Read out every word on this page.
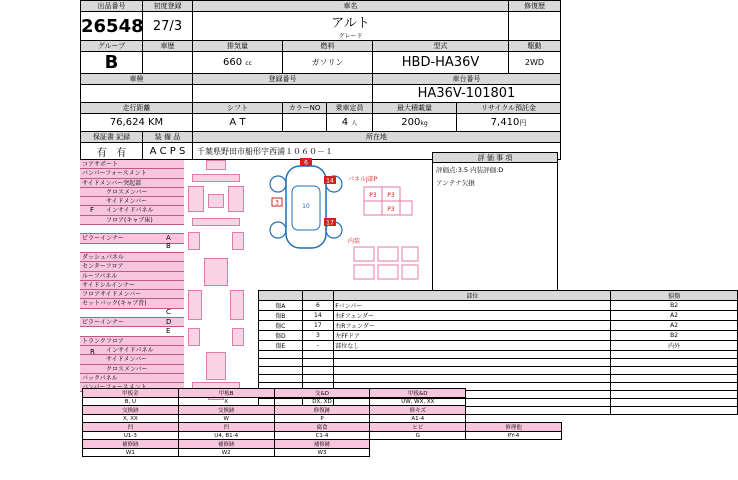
出品番号	初度登録	車名					修復歴
26548	27/3	アルト
グレード					

グループ	車歴	排気量	燃料		型式		駆動
B		660 cc	ガソリン		HBD-HA36V		2WD
車検		登録番号			車台番号		
					HA36V-101801		
走行距離		シフト	カラーNO	乗車定員	最大積載量	リサイクル預託金	
76,624 KM		A T		4 人	200kg	7,410円	
保証書 記録	装 備 品	所在地					
有 有	A C P S	千葉県野田市船形字西浦１０６０－１					
コアサポート
バンパーフォースメント
サイドメンバー突起部
クロスメンバー
サイドメンバー
インサイドパネル
フロア(キャブ床)
ピラーインナー
ダッシュパネル
センターフロア
ルーフパネル
サイドシルインナー
フロアサイドメンバー
セットバック(キャブ背)
ピラーインナー
トランクフロア
インサイドパネル
サイドメンバー
クロスメンバー
バックパネル
F
A
B
C
D
E
R
6
14
10
17
3
パネルJ部P
P3 P3
P3
内装
評 価 事 項
評価点:3.5 内装評価:D
アンテナ欠損
		部位	損傷
傷A	6	Fバンパー	B2
傷B	14	右Fフェンダー	A2
傷C	17	右Rフェンダー	A2
傷D	3	左FFドア	B2
傷E	-	部位なし	内外

甲板金	甲板B	交&D	甲板&D	
B, U	X	DX, XD	UW, WX, XX	
交換跡	交換跡	修復跡	修キズ	
X, XX	W	P	A1-4	
凹	凹	腐食	ヒビ	修理他
U1-3	U4, B1-4	C1-4	G	PY-4
補修跡	補修跡	補修跡		
W1	W2	W3		
